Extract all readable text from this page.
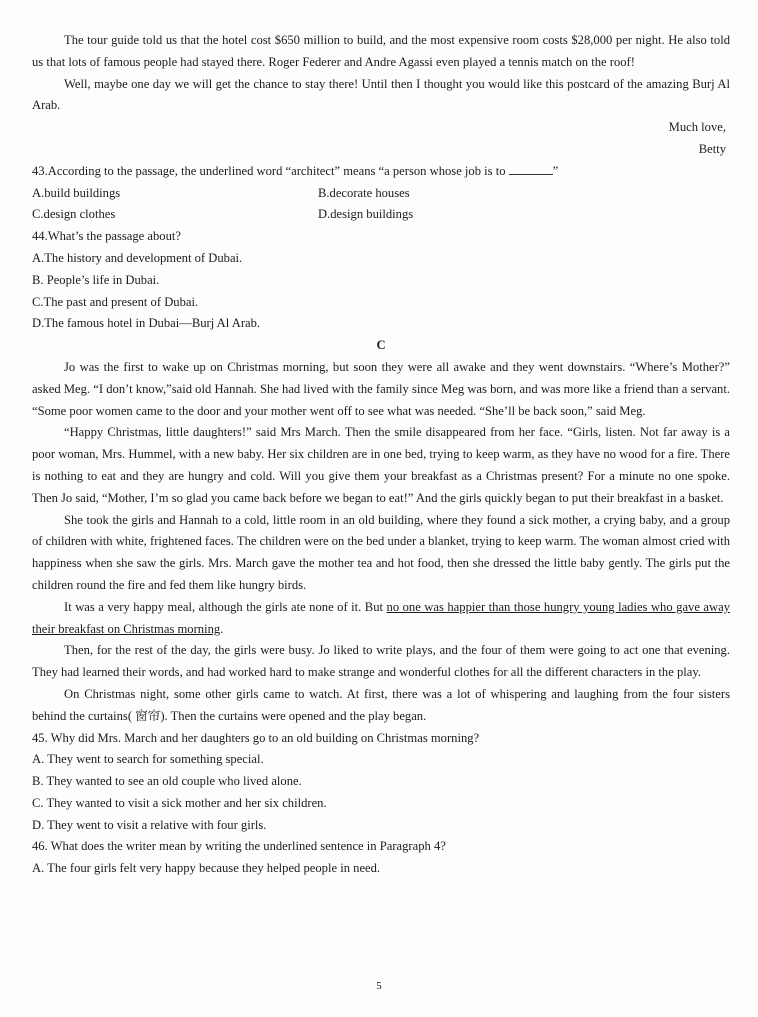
The tour guide told us that the hotel cost $650 million to build, and the most expensive room costs $28,000 per night. He also told us that lots of famous people had stayed there. Roger Federer and Andre Agassi even played a tennis match on the roof!

Well, maybe one day we will get the chance to stay there! Until then I thought you would like this postcard of the amazing Burj Al Arab.

Much love,

Betty

43.According to the passage, the underlined word “architect” means “a person whose job is to	”

A.build buildings	B.decorate houses
C.design clothes	D.design buildings

44.What’s the passage about?

A.The history and development of Dubai.

B. People’s life in Dubai.

C.The past and present of Dubai.

D.The famous hotel in Dubai—Burj Al Arab.

C

Jo was the first to wake up on Christmas morning, but soon they were all awake and they went downstairs. “Where’s Mother?” asked Meg. “I don’t know,”said old Hannah. She had lived with the family since Meg was born, and was more like a friend than a servant. “Some poor women came to the door and your mother went off to see what was needed. “She’ll be back soon,” said Meg.

“Happy Christmas, little daughters!” said Mrs March. Then the smile disappeared from her face. “Girls, listen. Not far away is a poor woman, Mrs. Hummel, with a new baby. Her six children are in one bed, trying to keep warm, as they have no wood for a fire. There is nothing to eat and they are hungry and cold. Will you give them your breakfast as a Christmas present? For a minute no one spoke. Then Jo said, “Mother, I’m so glad you came back before we began to eat!” And the girls quickly began to put their breakfast in a basket.

She took the girls and Hannah to a cold, little room in an old building, where they found a sick mother, a crying baby, and a group of children with white, frightened faces. The children were on the bed under a blanket, trying to keep warm. The woman almost cried with happiness when she saw the girls. Mrs. March gave the mother tea and hot food, then she dressed the little baby gently. The girls put the children round the fire and fed them like hungry birds.

It was a very happy meal, although the girls ate none of it. But no one was happier than those hungry young ladies who gave away their breakfast on Christmas morning.

Then, for the rest of the day, the girls were busy. Jo liked to write plays, and the four of them were going to act one that evening. They had learned their words, and had worked hard to make strange and wonderful clothes for all the different characters in the play.

On Christmas night, some other girls came to watch. At first, there was a lot of whispering and laughing from the four sisters behind the curtains( 窗帘). Then the curtains were opened and the play began.

45. Why did Mrs. March and her daughters go to an old building on Christmas morning?

A. They went to search for something special.

B. They wanted to see an old couple who lived alone.

C. They wanted to visit a sick mother and her six children.

D. They went to visit a relative with four girls.

46. What does the writer mean by writing the underlined sentence in Paragraph 4?

A. The four girls felt very happy because they helped people in need.

5
